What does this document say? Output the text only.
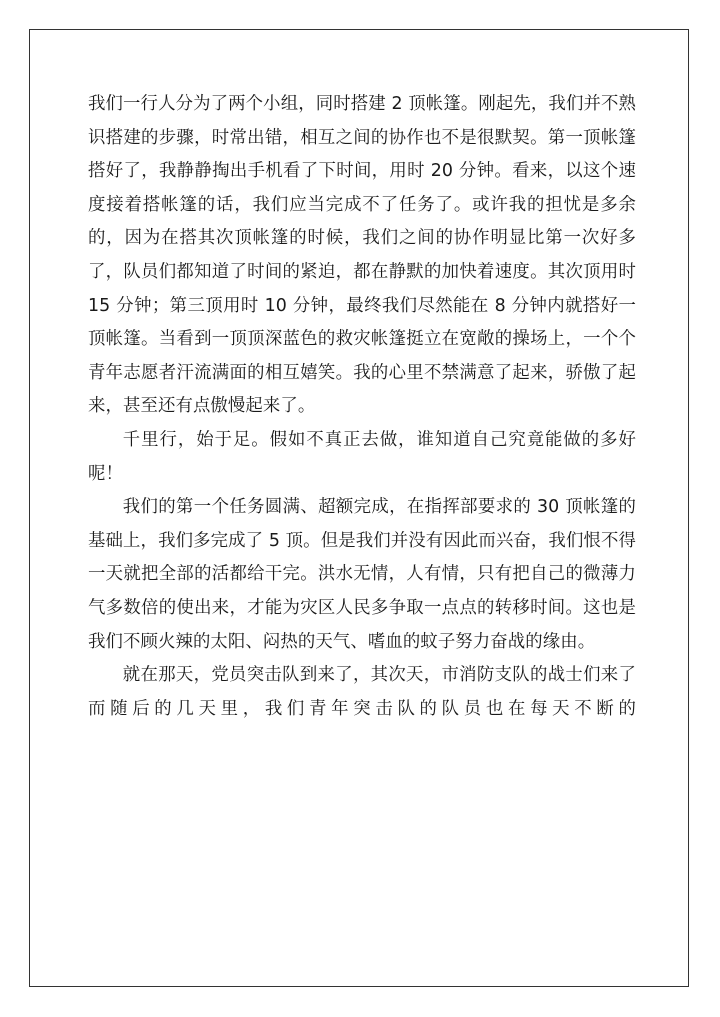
我们一行人分为了两个小组，同时搭建 2 顶帐篷。刚起先，我们并不熟识搭建的步骤，时常出错，相互之间的协作也不是很默契。第一顶帐篷搭好了，我静静掏出手机看了下时间，用时 20 分钟。看来，以这个速度接着搭帐篷的话，我们应当完成不了任务了。或许我的担忧是多余的，因为在搭其次顶帐篷的时候，我们之间的协作明显比第一次好多了，队员们都知道了时间的紧迫，都在静默的加快着速度。其次顶用时 15 分钟；第三顶用时 10 分钟，最终我们尽然能在 8 分钟内就搭好一顶帐篷。当看到一顶顶深蓝色的救灾帐篷挺立在宽敞的操场上，一个个青年志愿者汗流满面的相互嬉笑。我的心里不禁满意了起来，骄傲了起来，甚至还有点傲慢起来了。

千里行，始于足。假如不真正去做，谁知道自己究竟能做的多好呢！

我们的第一个任务圆满、超额完成，在指挥部要求的 30 顶帐篷的基础上，我们多完成了 5 顶。但是我们并没有因此而兴奋，我们恨不得一天就把全部的活都给干完。洪水无情，人有情，只有把自己的微薄力气多数倍的使出来，才能为灾区人民多争取一点点的转移时间。这也是我们不顾火辣的太阳、闷热的天气、嗜血的蚊子努力奋战的缘由。

就在那天，党员突击队到来了，其次天，市消防支队的战士们来了 而随后的几天里，我们青年突击队的队员也在每天不断的
